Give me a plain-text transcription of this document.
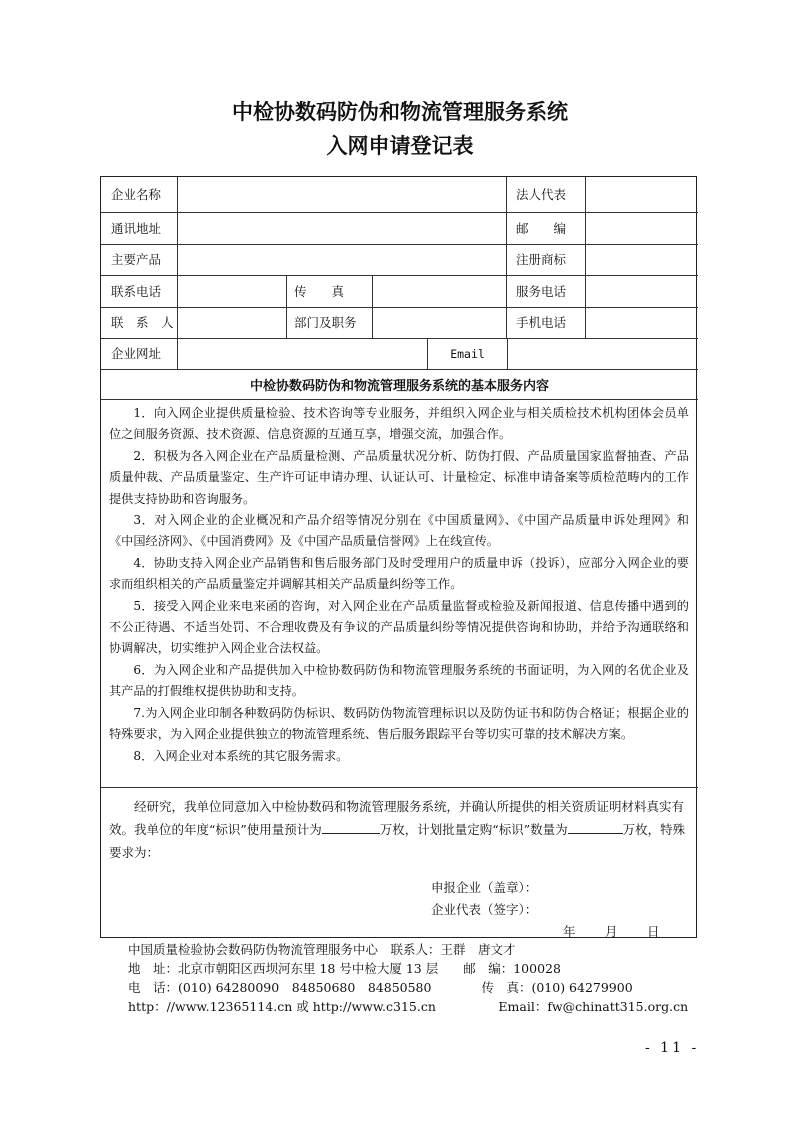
中检协数码防伪和物流管理服务系统
入网申请登记表
企业名称	法人代表
通讯地址	邮　　编
主要产品	注册商标
联系电话	传　　真	服务电话
联　系　人	部门及职务	手机电话
企业网址	Email
中检协数码防伪和物流管理服务系统的基本服务内容

1．向入网企业提供质量检验、技术咨询等专业服务，并组织入网企业与相关质检技术机构团体会员单位之间服务资源、技术资源、信息资源的互通互享，增强交流，加强合作。

2．积极为各入网企业在产品质量检测、产品质量状况分析、防伪打假、产品质量国家监督抽查、产品质量仲裁、产品质量鉴定、生产许可证申请办理、认证认可、计量检定、标准申请备案等质检范畴内的工作提供支持协助和咨询服务。

3．对入网企业的企业概况和产品介绍等情况分别在《中国质量网》、《中国产品质量申诉处理网》和《中国经济网》、《中国消费网》及《中国产品质量信誉网》上在线宣传。

4．协助支持入网企业产品销售和售后服务部门及时受理用户的质量申诉（投诉），应部分入网企业的要求而组织相关的产品质量鉴定并调解其相关产品质量纠纷等工作。

5．接受入网企业来电来函的咨询，对入网企业在产品质量监督或检验及新闻报道、信息传播中遇到的不公正待遇、不适当处罚、不合理收费及有争议的产品质量纠纷等情况提供咨询和协助，并给予沟通联络和协调解决，切实维护入网企业合法权益。

6．为入网企业和产品提供加入中检协数码防伪和物流管理服务系统的书面证明，为入网的名优企业及其产品的打假维权提供协助和支持。

7.为入网企业印制各种数码防伪标识、数码防伪物流管理标识以及防伪证书和防伪合格证；根据企业的特殊要求，为入网企业提供独立的物流管理系统、售后服务跟踪平台等切实可靠的技术解决方案。

8．入网企业对本系统的其它服务需求。

经研究，我单位同意加入中检协数码和物流管理服务系统，并确认所提供的相关资质证明材料真实有效。我单位的年度“标识”使用量预计为	万枚，计划批量定购“标识”数量为	万枚，特殊要求为：

申报企业（盖章）：
企业代表（签字）：
年 月 日
中国质量检验协会数码防伪物流管理服务中心　联系人：王群　唐文才
地　址：北京市朝阳区西坝河东里 18 号中检大厦 13 层　　邮　编：100028
电　话：(010) 64280090　84850680　84850580　　　　传　真：(010) 64279900
http：//www.12365114.cn 或 http://www.c315.cn　　　　　Email：fw@chinatt315.org.cn
- 11 -
